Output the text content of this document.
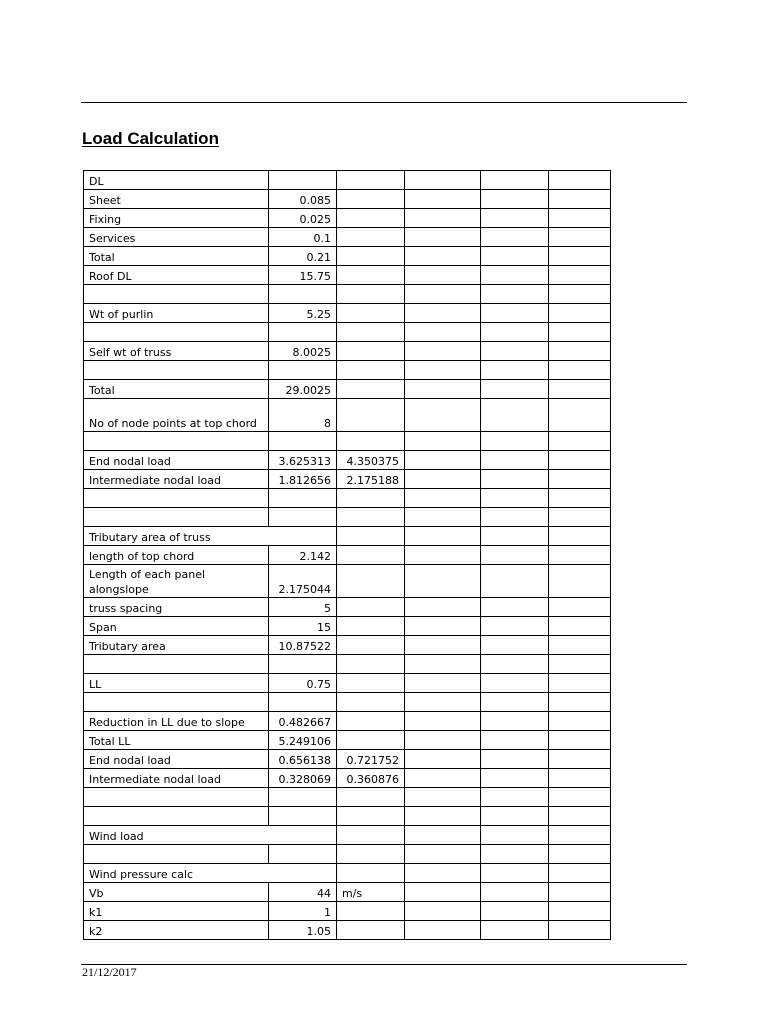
Load Calculation
DL					
Sheet	0.085				
Fixing	0.025				
Services	0.1				
Total	0.21				
Roof DL	15.75				

Wt of purlin	5.25				

Self wt of truss	8.0025				

Total	29.0025				
No of node points at top chord	8				

End nodal load	3.625313	4.350375			
Intermediate nodal load	1.812656	2.175188			

Tributary area of truss					
length of top chord	2.142				
Length of each panel alongslope	2.175044				
truss spacing	5				
Span	15				
Tributary area	10.87522				

LL	0.75				

Reduction in LL due to slope	0.482667				
Total LL	5.249106				
End nodal load	0.656138	0.721752			
Intermediate nodal load	0.328069	0.360876			

Wind load					

Wind pressure calc					
Vb	44	m/s			
k1	1				
k2	1.05				
21/12/2017
